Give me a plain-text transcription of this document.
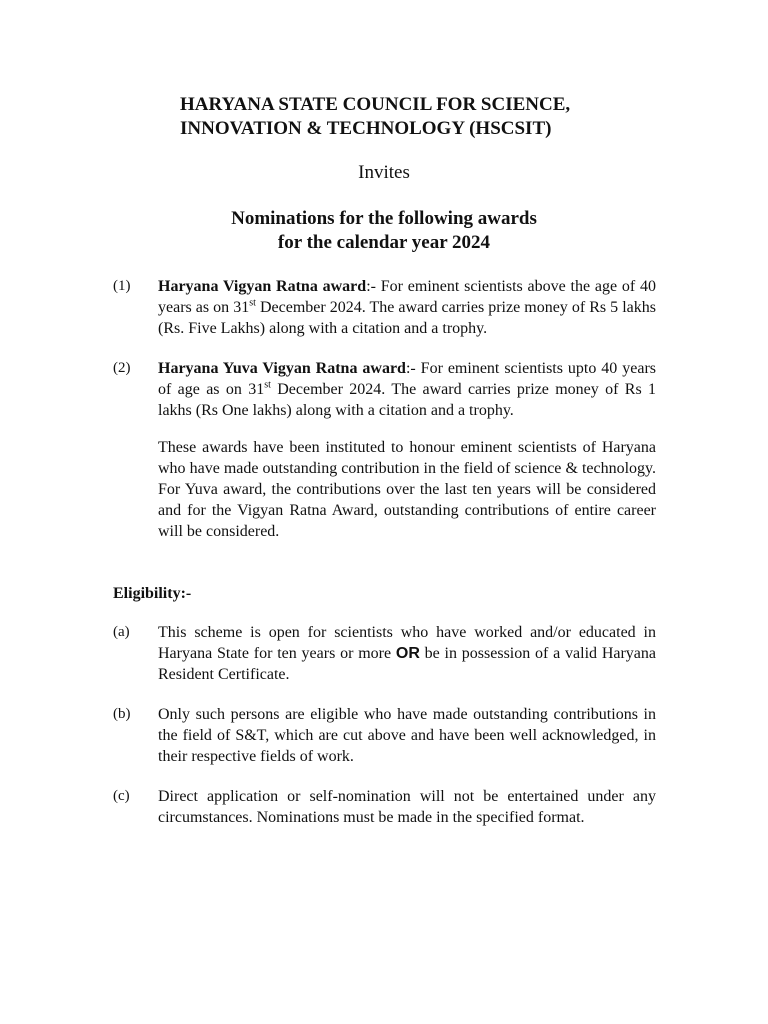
HARYANA STATE COUNCIL FOR SCIENCE,
INNOVATION & TECHNOLOGY (HSCSIT)

Invites

Nominations for the following awards
for the calendar year 2024
(1) Haryana Vigyan Ratna award:- For eminent scientists above the age of 40 years as on 31st December 2024. The award carries prize money of Rs 5 lakhs (Rs. Five Lakhs) along with a citation and a trophy.
(2) Haryana Yuva Vigyan Ratna award:- For eminent scientists upto 40 years of age as on 31st December 2024. The award carries prize money of Rs 1 lakhs (Rs One lakhs) along with a citation and a trophy.

These awards have been instituted to honour eminent scientists of Haryana who have made outstanding contribution in the field of science & technology. For Yuva award, the contributions over the last ten years will be considered and for the Vigyan Ratna Award, outstanding contributions of entire career will be considered.

Eligibility:-
(a) This scheme is open for scientists who have worked and/or educated in Haryana State for ten years or more OR be in possession of a valid Haryana Resident Certificate.
(b) Only such persons are eligible who have made outstanding contributions in the field of S&T, which are cut above and have been well acknowledged, in their respective fields of work.
(c) Direct application or self-nomination will not be entertained under any circumstances. Nominations must be made in the specified format.
